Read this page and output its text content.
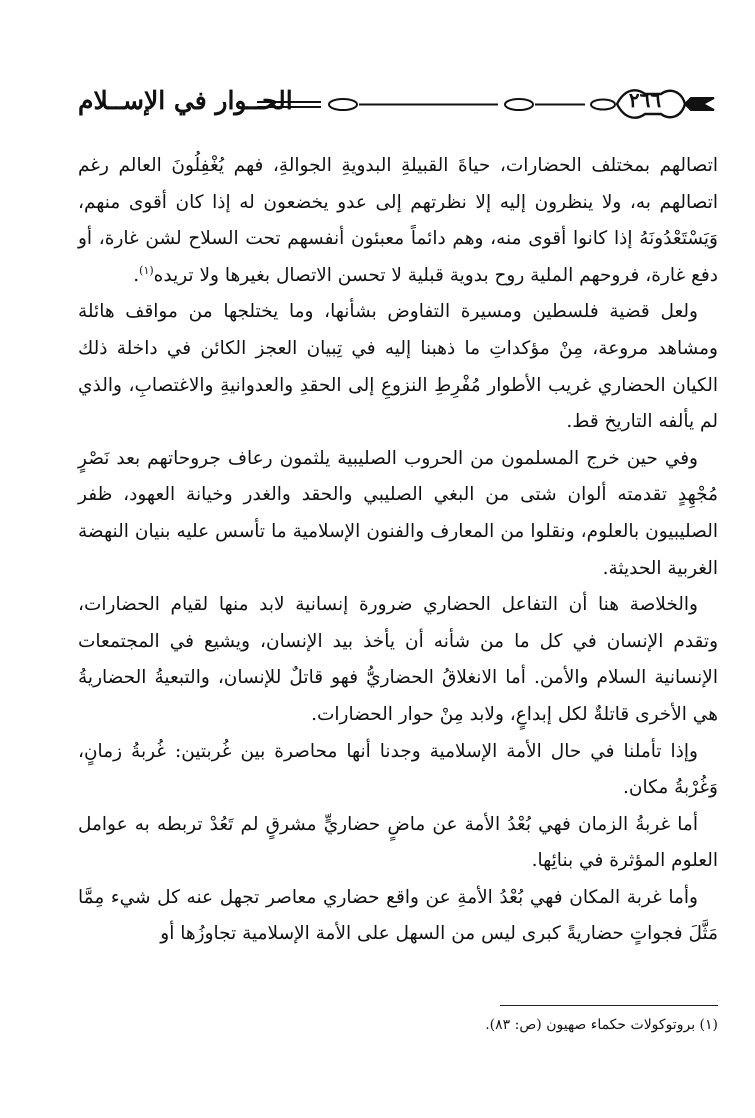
الحــوار في الإســلام	٢٦٦

اتصالهم بمختلف الحضارات، حياةَ القبيلةِ البدويةِ الجوالةِ، فهم يُغْفِلُونَ العالم رغم اتصالهم به، ولا ينظرون إليه إلا نظرتهم إلى عدو يخضعون له إذا كان أقوى منهم، وَيَسْتَعْدُونَهُ إذا كانوا أقوى منه، وهم دائماً معبئون أنفسهم تحت السلاح لشن غارة، أو دفع غارة، فروحهم الملية روح بدوية قبلية لا تحسن الاتصال بغيرها ولا تريده$^{(١)}$.

ولعل قضية فلسطين ومسيرة التفاوض بشأنها، وما يختلجها من مواقف هائلة ومشاهد مروعة، مِنْ مؤكداتِ ما ذهبنا إليه في تِبيان العجز الكائن في داخلة ذلك الكيان الحضاري غريب الأطوار مُفْرِطِ النزوعِ إلى الحقدِ والعدوانيةِ والاغتصابِ، والذي لم يألفه التاريخ قط.

وفي حين خرج المسلمون من الحروب الصليبية يلثمون رعاف جروحاتهم بعد نَصْرٍ مُجْهِدٍ تقدمته ألوان شتى من البغي الصليبي والحقد والغدر وخيانة العهود، ظفر الصليبيون بالعلوم، ونقلوا من المعارف والفنون الإسلامية ما تأسس عليه بنيان النهضة الغربية الحديثة.

والخلاصة هنا أن التفاعل الحضاري ضرورة إنسانية لابد منها لقيام الحضارات، وتقدم الإنسان في كل ما من شأنه أن يأخذ بيد الإنسان، ويشيع في المجتمعات الإنسانية السلام والأمن. أما الانغلاقُ الحضاريُّ فهو قاتلٌ للإنسان، والتبعيةُ الحضاريةُ هي الأخرى قاتلةٌ لكل إبداعٍ، ولابد مِنْ حوار الحضارات.

وإذا تأملنا في حال الأمة الإسلامية وجدنا أنها محاصرة بين غُربتين: غُربةُ زمانٍ، وَغُرْبةُ مكان.

أما غربةُ الزمان فهي بُعْدُ الأمة عن ماضٍ حضاريٍّ مشرقٍ لم تَعُدْ تربطه به عوامل العلوم المؤثرة في بنائِها.

وأما غربة المكان فهي بُعْدُ الأمةِ عن واقع حضاري معاصر تجهل عنه كل شيء مِمَّا مَثَّلَ فجواتٍ حضاريةً كبرى ليس من السهل على الأمة الإسلامية تجاوزُها أو

(١) بروتوكولات حكماء صهيون (ص: ٨٣).
